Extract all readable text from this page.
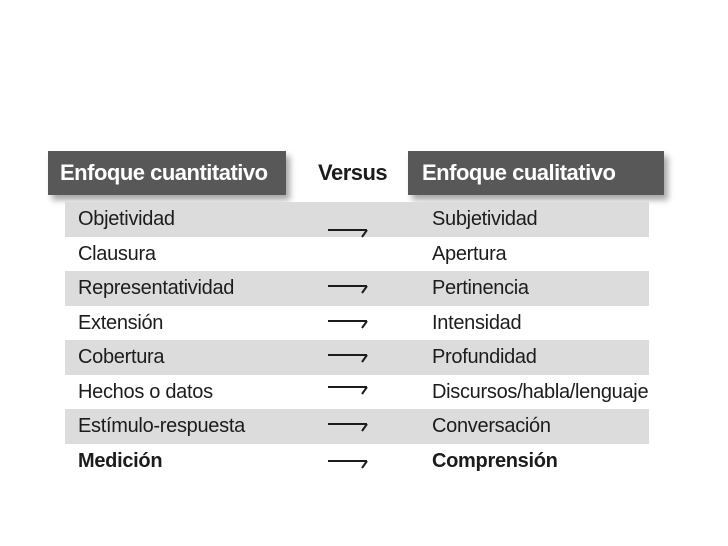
Enfoque cuantitativo	Versus	Enfoque cualitativo
Objetividad	Subjetividad
Clausura	Apertura
Representatividad	Pertinencia
Extensión	Intensidad
Cobertura	Profundidad
Hechos o datos	Discursos/habla/lenguaje
Estímulo-respuesta	Conversación
Medición	Comprensión
